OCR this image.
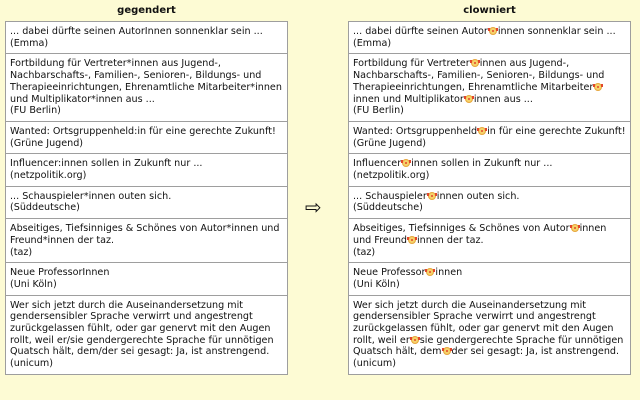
gegendert	clowniert
... dabei dürfte seinen AutorInnen sonnenklar sein ...
(Emma)
Fortbildung für Vertreter*innen aus Jugend-, Nachbarschafts-, Familien-, Senioren-, Bildungs- und Therapieeinrichtungen, Ehrenamtliche Mitarbeiter*innen und Multiplikator*innen aus ...
(FU Berlin)
Wanted: Ortsgruppenheld:in für eine gerechte Zukunft!
(Grüne Jugend)
Influencer:innen sollen in Zukunft nur ...
(netzpolitik.org)
... Schauspieler*innen outen sich.
(Süddeutsche)
Abseitiges, Tiefsinniges & Schönes von Autor*innen und Freund*innen der taz.
(taz)
Neue ProfessorInnen
(Uni Köln)
Wer sich jetzt durch die Auseinandersetzung mit gendersensibler Sprache verwirrt und angestrengt zurückgelassen fühlt, oder gar genervt mit den Augen rollt, weil er/sie gendergerechte Sprache für unnötigen Quatsch hält, dem/der sei gesagt: Ja, ist anstrengend.
(unicum)
⇨
... dabei dürfte seinen Autor innen sonnenklar sein ...
(Emma)
Fortbildung für Vertreter innen aus Jugend-, Nachbarschafts-, Familien-, Senioren-, Bildungs- und Therapieeinrichtungen, Ehrenamtliche Mitarbeiterinnen und Multiplikator innen aus ...
(FU Berlin)
Wanted: Ortsgruppenheld in für eine gerechte Zukunft!
(Grüne Jugend)
Influencer innen sollen in Zukunft nur ...
(netzpolitik.org)
... Schauspieler innen outen sich.
(Süddeutsche)
Abseitiges, Tiefsinniges & Schönes von Autor innen und Freund innen der taz.
(taz)
Neue Professor innen
(Uni Köln)
Wer sich jetzt durch die Auseinandersetzung mit gendersensibler Sprache verwirrt und angestrengt zurückgelassen fühlt, oder gar genervt mit den Augen rollt, weil er sie gendergerechte Sprache für unnötigen Quatsch hält, dem der sei gesagt: Ja, ist anstrengend.
(unicum)
